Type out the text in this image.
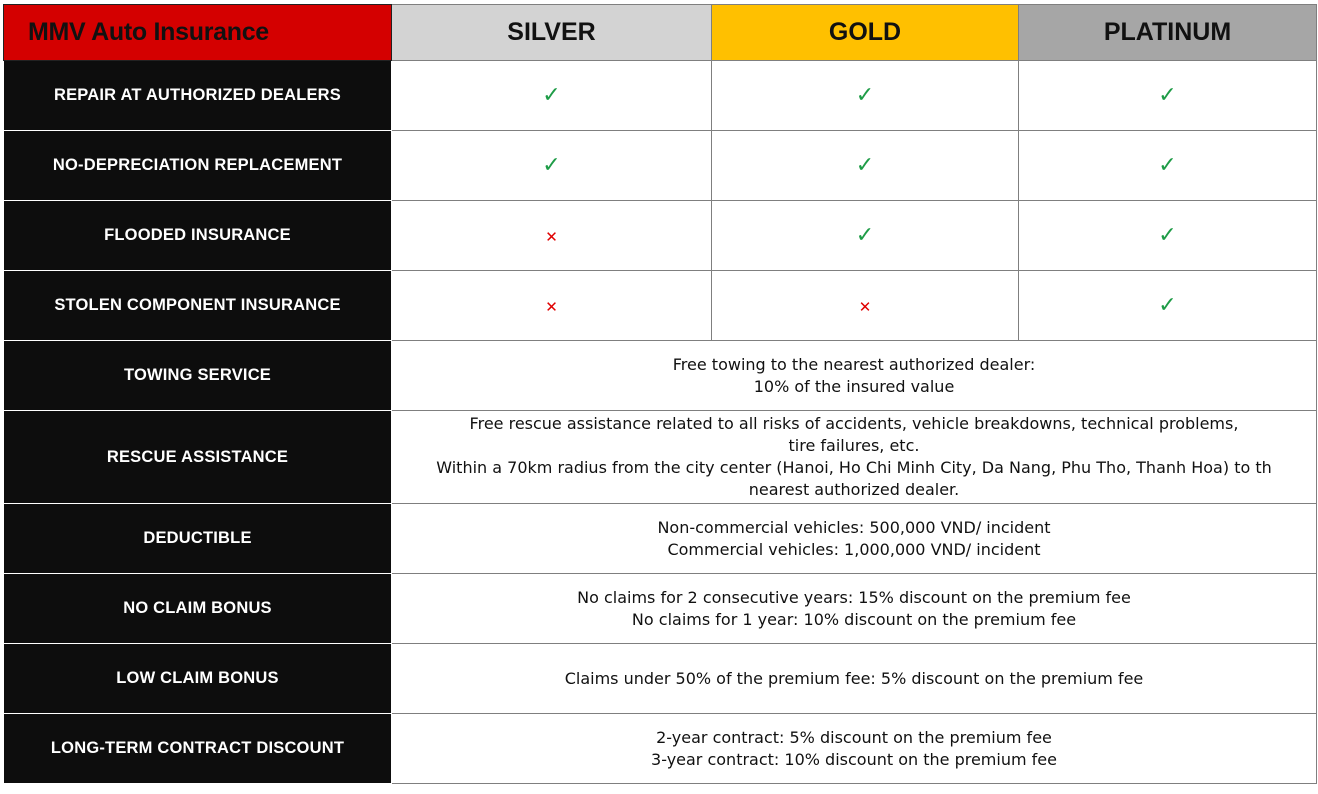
MMV Auto Insurance	SILVER	GOLD	PLATINUM
REPAIR AT AUTHORIZED DEALERS	✓	✓	✓
NO-DEPRECIATION REPLACEMENT	✓	✓	✓
FLOODED INSURANCE	✕	✓	✓
STOLEN COMPONENT INSURANCE	✕	✕	✓
TOWING SERVICE	Free towing to the nearest authorized dealer:
10% of the insured value		

RESCUE ASSISTANCE	Free rescue assistance related to all risks of accidents, vehicle breakdowns, technical problems,
tire failures, etc.
Within a 70km radius from the city center (Hanoi, Ho Chi Minh City, Da Nang, Phu Tho, Thanh Hoa) to th
nearest authorized dealer.		

DEDUCTIBLE	Non-commercial vehicles: 500,000 VND/ incident
Commercial vehicles: 1,000,000 VND/ incident		

NO CLAIM BONUS	No claims for 2 consecutive years: 15% discount on the premium fee
No claims for 1 year: 10% discount on the premium fee		

LOW CLAIM BONUS	Claims under 50% of the premium fee: 5% discount on the premium fee		

LONG-TERM CONTRACT DISCOUNT	2-year contract: 5% discount on the premium fee
3-year contract: 10% discount on the premium fee		
